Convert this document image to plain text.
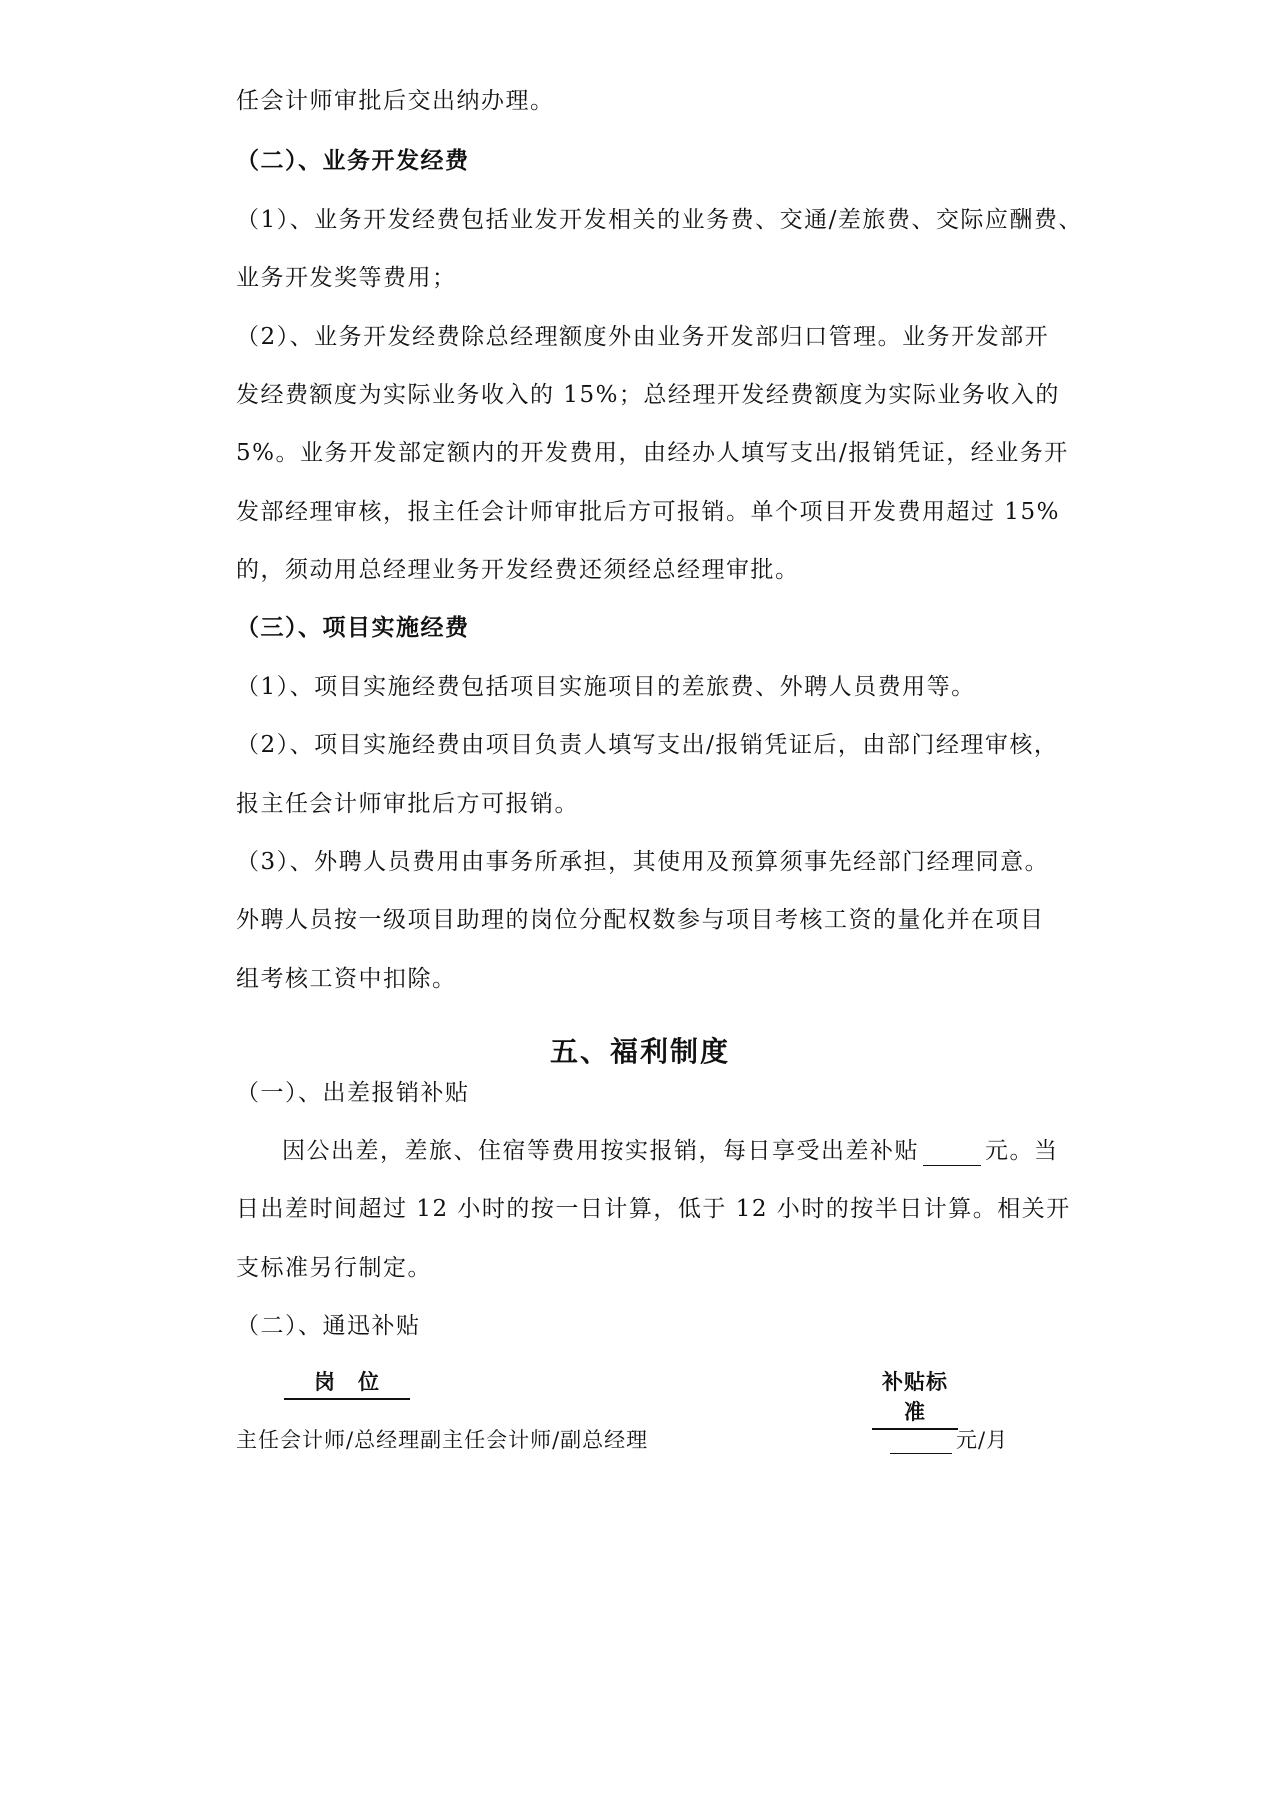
任会计师审批后交出纳办理。
（二）、业务开发经费
（1）、业务开发经费包括业发开发相关的业务费、交通/差旅费、交际应酬费、
业务开发奖等费用；
（2）、业务开发经费除总经理额度外由业务开发部归口管理。业务开发部开
发经费额度为实际业务收入的 15%；总经理开发经费额度为实际业务收入的
5%。业务开发部定额内的开发费用，由经办人填写支出/报销凭证，经业务开
发部经理审核，报主任会计师审批后方可报销。单个项目开发费用超过 15%
的，须动用总经理业务开发经费还须经总经理审批。
（三）、项目实施经费
（1）、项目实施经费包括项目实施项目的差旅费、外聘人员费用等。
（2）、项目实施经费由项目负责人填写支出/报销凭证后，由部门经理审核，
报主任会计师审批后方可报销。
（3）、外聘人员费用由事务所承担，其使用及预算须事先经部门经理同意。
外聘人员按一级项目助理的岗位分配权数参与项目考核工资的量化并在项目
组考核工资中扣除。
五、福利制度
（一）、出差报销补贴
因公出差，差旅、住宿等费用按实报销，每日享受出差补贴	元。当
日出差时间超过 12 小时的按一日计算，低于 12 小时的按半日计算。相关开
支标准另行制定。
（二）、通迅补贴
岗　位	补贴标准
主任会计师/总经理副主任会计师/副总经理	元/月
